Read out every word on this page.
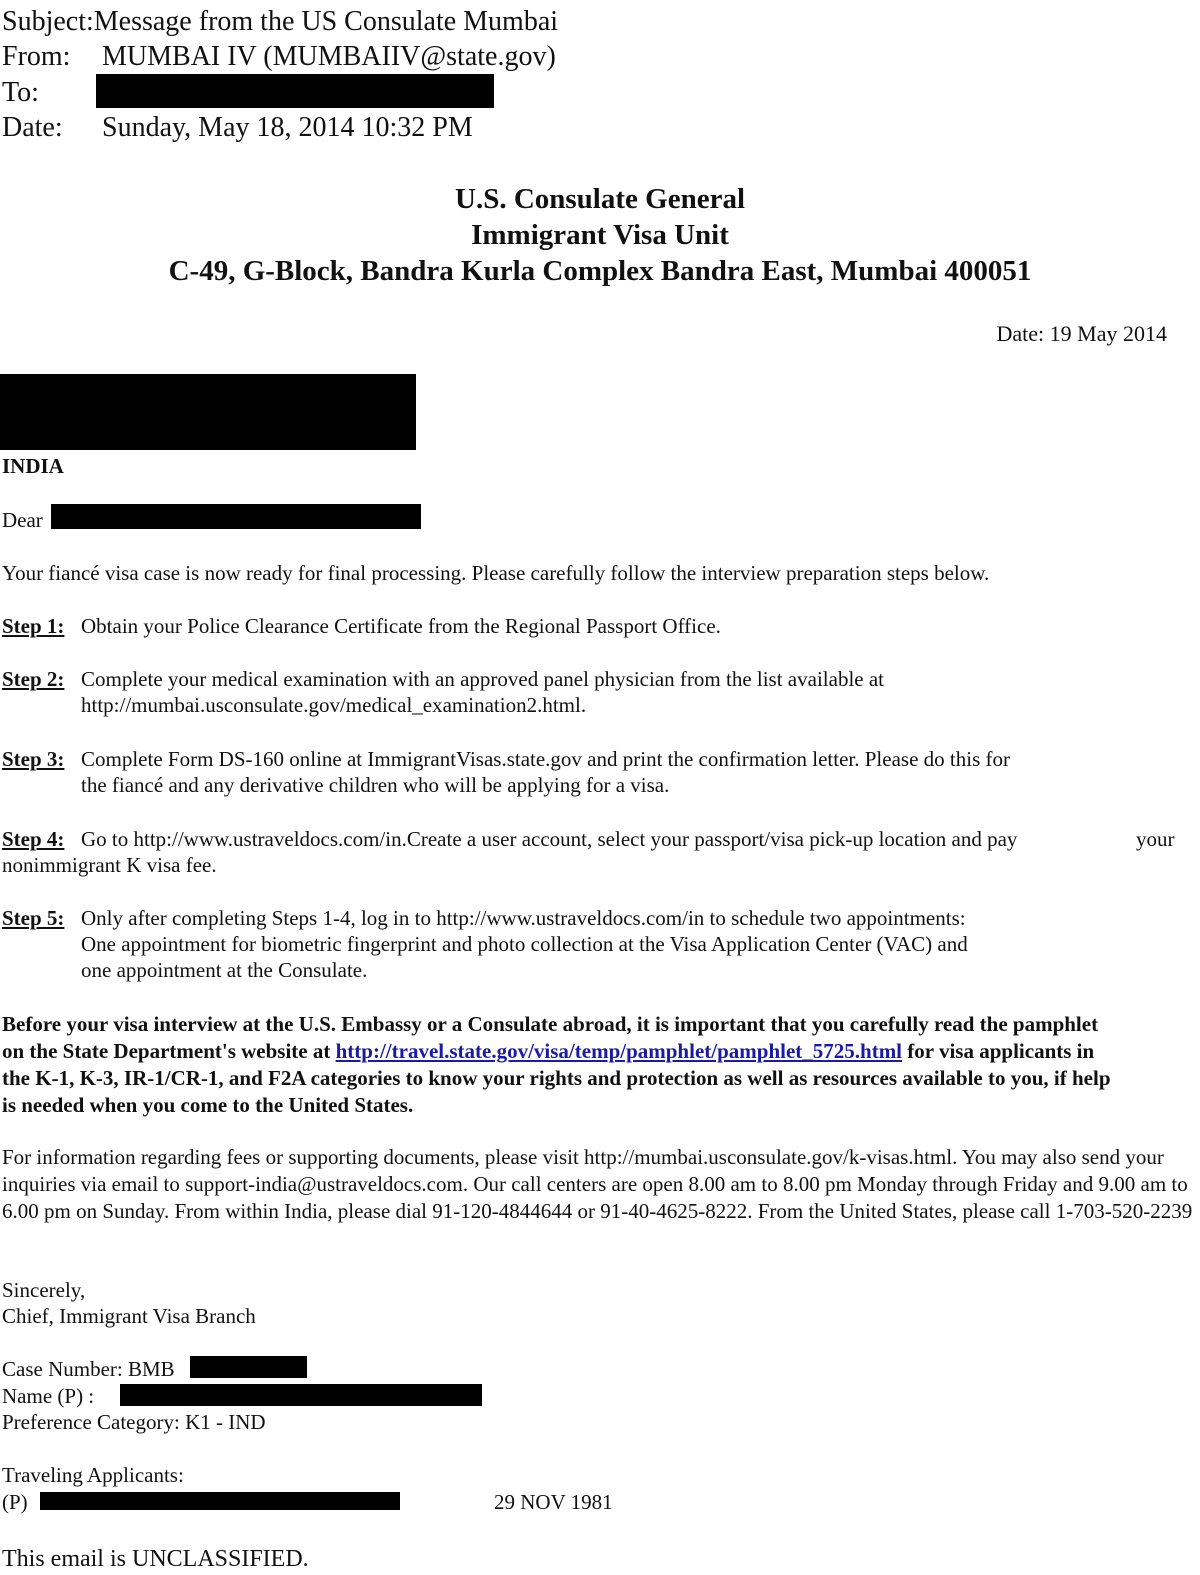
Subject:Message from the US Consulate Mumbai
From: MUMBAI IV (MUMBAIIV@state.gov)
To:
Date: Sunday, May 18, 2014 10:32 PM
U.S. Consulate General
Immigrant Visa Unit
C-49, G-Block, Bandra Kurla Complex Bandra East, Mumbai 400051
Date: 19 May 2014
INDIA
Dear
Your fiancé visa case is now ready for final processing. Please carefully follow the interview preparation steps below.
Step 1: Obtain your Police Clearance Certificate from the Regional Passport Office.
Step 2: Complete your medical examination with an approved panel physician from the list available at
http://mumbai.usconsulate.gov/medical_examination2.html.
Step 3: Complete Form DS-160 online at ImmigrantVisas.state.gov and print the confirmation letter. Please do this for
the fiancé and any derivative children who will be applying for a visa.
Step 4: Go to http://www.ustraveldocs.com/in.Create a user account, select your passport/visa pick-up location and pay	your
nonimmigrant K visa fee.
Step 5: Only after completing Steps 1-4, log in to http://www.ustraveldocs.com/in to schedule two appointments:
One appointment for biometric fingerprint and photo collection at the Visa Application Center (VAC) and
one appointment at the Consulate.
Before your visa interview at the U.S. Embassy or a Consulate abroad, it is important that you carefully read the pamphlet on the State Department's website at http://travel.state.gov/visa/temp/pamphlet/pamphlet_5725.html for visa applicants in the K-1, K-3, IR-1/CR-1, and F2A categories to know your rights and protection as well as resources available to you, if help is needed when you come to the United States.
For information regarding fees or supporting documents, please visit http://mumbai.usconsulate.gov/k-visas.html. You may also send your inquiries via email to support-india@ustraveldocs.com. Our call centers are open 8.00 am to 8.00 pm Monday through Friday and 9.00 am to 6.00 pm on Sunday. From within India, please dial 91-120-4844644 or 91-40-4625-8222. From the United States, please call 1-703-520-2239
Sincerely,
Chief, Immigrant Visa Branch
Case Number: BMB
Name (P) :
Preference Category: K1 - IND
Traveling Applicants:
(P)	29 NOV 1981
This email is UNCLASSIFIED.
